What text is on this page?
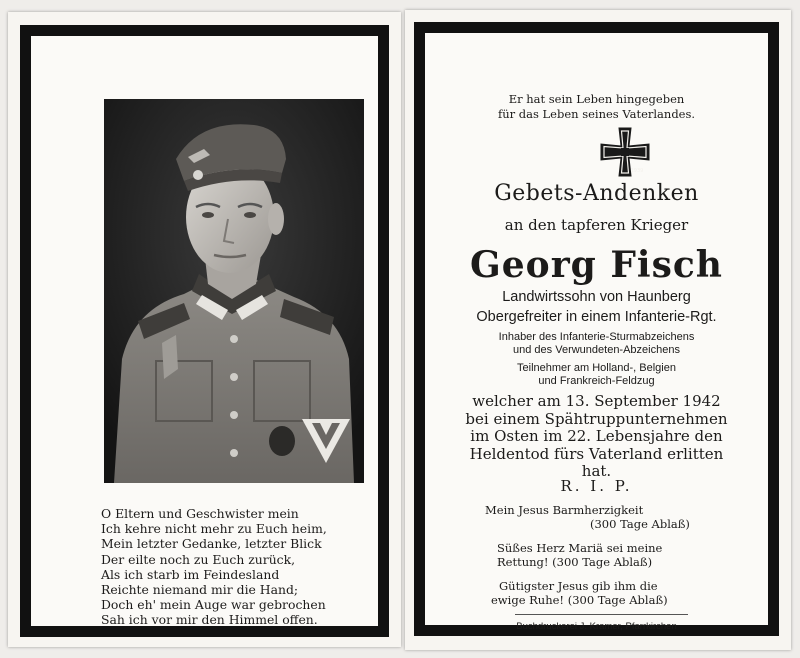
O Eltern und Geschwister mein
Ich kehre nicht mehr zu Euch heim,
Mein letzter Gedanke, letzter Blick
Der eilte noch zu Euch zurück,
Als ich starb im Feindesland
Reichte niemand mir die Hand;
Doch eh' mein Auge war gebrochen
Sah ich vor mir den Himmel offen.
Er hat sein Leben hingegeben
für das Leben seines Vaterlandes.
1939
Gebets-Andenken
an den tapferen Krieger
Georg Fisch
Landwirtssohn von Haunberg
Obergefreiter in einem Infanterie-Rgt.
Inhaber des Infanterie-Sturmabzeichens
und des Verwundeten-Abzeichens
Teilnehmer am Holland-, Belgien
und Frankreich-Feldzug
welcher am 13. September 1942
bei einem Spähtruppunternehmen
im Osten im 22. Lebensjahre den
Heldentod fürs Vaterland erlitten
hat.
R. I. P.
Mein Jesus Barmherzigkeit
(300 Tage Ablaß)
Süßes Herz Mariä sei meine
Rettung! (300 Tage Ablaß)
Gütigster Jesus gib ihm die
ewige Ruhe! (300 Tage Ablaß)
Buchdruckerei J. Kramer, Pfarrkirchen
